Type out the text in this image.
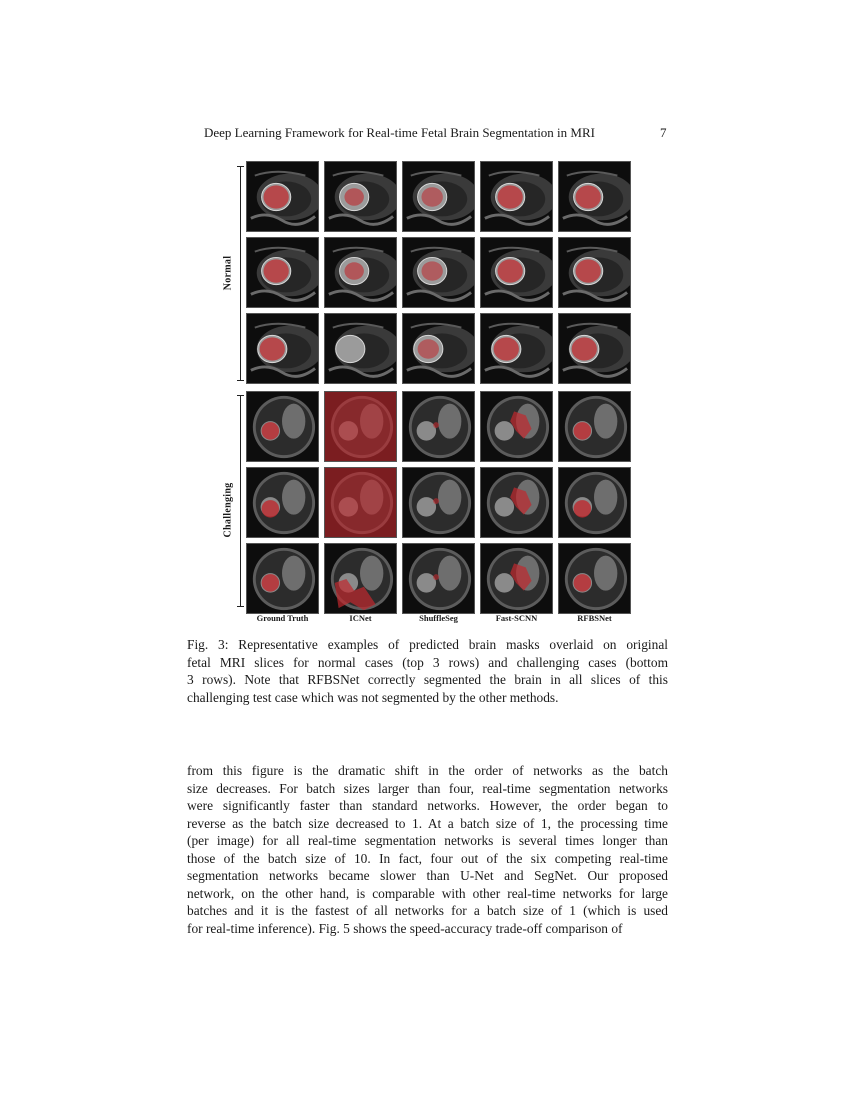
Deep Learning Framework for Real-time Fetal Brain Segmentation in MRI	7
Normal
Challenging
Ground Truth	ICNet	ShuffleSeg	Fast-SCNN	RFBSNet
Fig. 3: Representative examples of predicted brain masks overlaid on original
fetal MRI slices for normal cases (top 3 rows) and challenging cases (bottom
3 rows). Note that RFBSNet correctly segmented the brain in all slices of this
challenging test case which was not segmented by the other methods.
from this figure is the dramatic shift in the order of networks as the batch
size decreases. For batch sizes larger than four, real-time segmentation networks
were significantly faster than standard networks. However, the order began to
reverse as the batch size decreased to 1. At a batch size of 1, the processing time
(per image) for all real-time segmentation networks is several times longer than
those of the batch size of 10. In fact, four out of the six competing real-time
segmentation networks became slower than U-Net and SegNet. Our proposed
network, on the other hand, is comparable with other real-time networks for large
batches and it is the fastest of all networks for a batch size of 1 (which is used
for real-time inference). Fig. 5 shows the speed-accuracy trade-off comparison of
